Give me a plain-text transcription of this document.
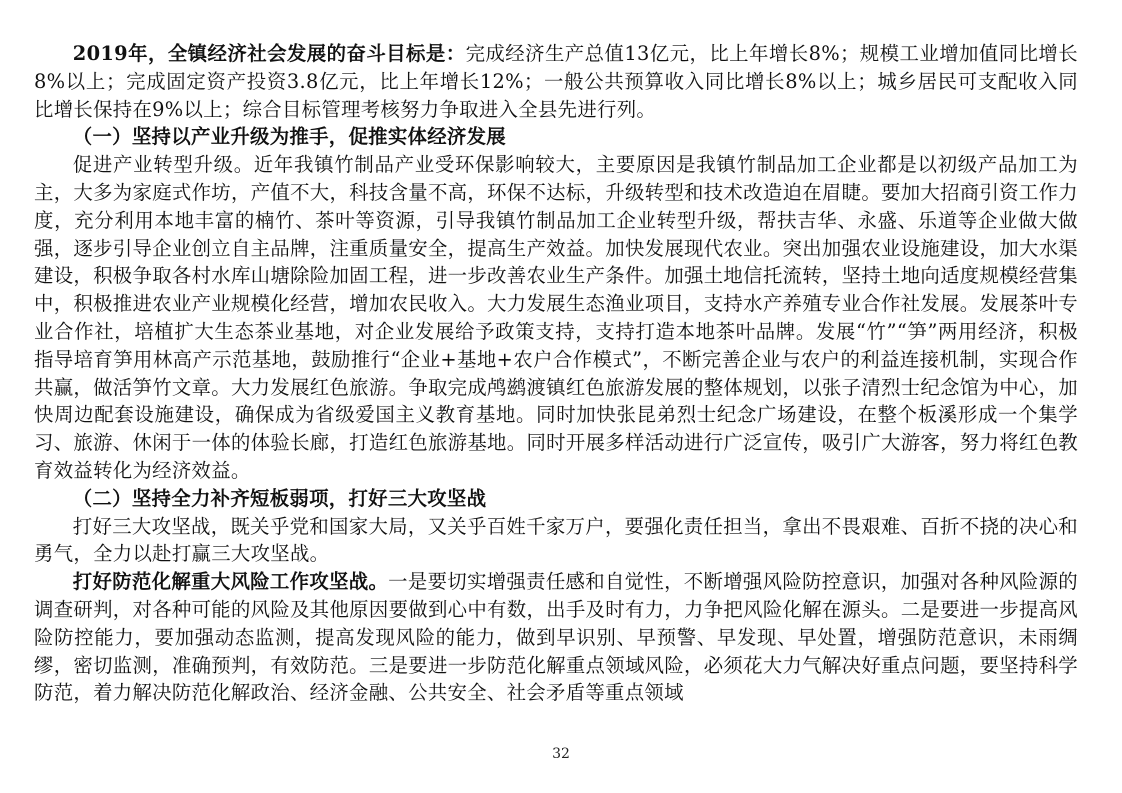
2019年，全镇经济社会发展的奋斗目标是：完成经济生产总值13亿元，比上年增长8%；规模工业增加值同比增长8%以上；完成固定资产投资3.8亿元，比上年增长12%；一般公共预算收入同比增长8%以上；城乡居民可支配收入同比增长保持在9%以上；综合目标管理考核努力争取进入全县先进行列。

（一）坚持以产业升级为推手，促推实体经济发展

促进产业转型升级。近年我镇竹制品产业受环保影响较大，主要原因是我镇竹制品加工企业都是以初级产品加工为主，大多为家庭式作坊，产值不大，科技含量不高，环保不达标，升级转型和技术改造迫在眉睫。要加大招商引资工作力度，充分利用本地丰富的楠竹、茶叶等资源，引导我镇竹制品加工企业转型升级，帮扶吉华、永盛、乐道等企业做大做强，逐步引导企业创立自主品牌，注重质量安全，提高生产效益。加快发展现代农业。突出加强农业设施建设，加大水渠建设，积极争取各村水库山塘除险加固工程，进一步改善农业生产条件。加强土地信托流转，坚持土地向适度规模经营集中，积极推进农业产业规模化经营，增加农民收入。大力发展生态渔业项目，支持水产养殖专业合作社发展。发展茶叶专业合作社，培植扩大生态茶业基地，对企业发展给予政策支持，支持打造本地茶叶品牌。发展“竹”“笋”两用经济，积极指导培育笋用林高产示范基地，鼓励推行“企业+基地+农户合作模式”，不断完善企业与农户的利益连接机制，实现合作共赢，做活笋竹文章。大力发展红色旅游。争取完成鸬鹚渡镇红色旅游发展的整体规划，以张子清烈士纪念馆为中心，加快周边配套设施建设，确保成为省级爱国主义教育基地。同时加快张昆弟烈士纪念广场建设，在整个板溪形成一个集学习、旅游、休闲于一体的体验长廊，打造红色旅游基地。同时开展多样活动进行广泛宣传，吸引广大游客，努力将红色教育效益转化为经济效益。

（二）坚持全力补齐短板弱项，打好三大攻坚战

打好三大攻坚战，既关乎党和国家大局，又关乎百姓千家万户，要强化责任担当，拿出不畏艰难、百折不挠的决心和勇气，全力以赴打赢三大攻坚战。

打好防范化解重大风险工作攻坚战。一是要切实增强责任感和自觉性，不断增强风险防控意识，加强对各种风险源的调查研判，对各种可能的风险及其他原因要做到心中有数，出手及时有力，力争把风险化解在源头。二是要进一步提高风险防控能力，要加强动态监测，提高发现风险的能力，做到早识别、早预警、早发现、早处置，增强防范意识，未雨绸缪，密切监测，准确预判，有效防范。三是要进一步防范化解重点领域风险，必须花大力气解决好重点问题，要坚持科学防范，着力解决防范化解政治、经济金融、公共安全、社会矛盾等重点领域

32
